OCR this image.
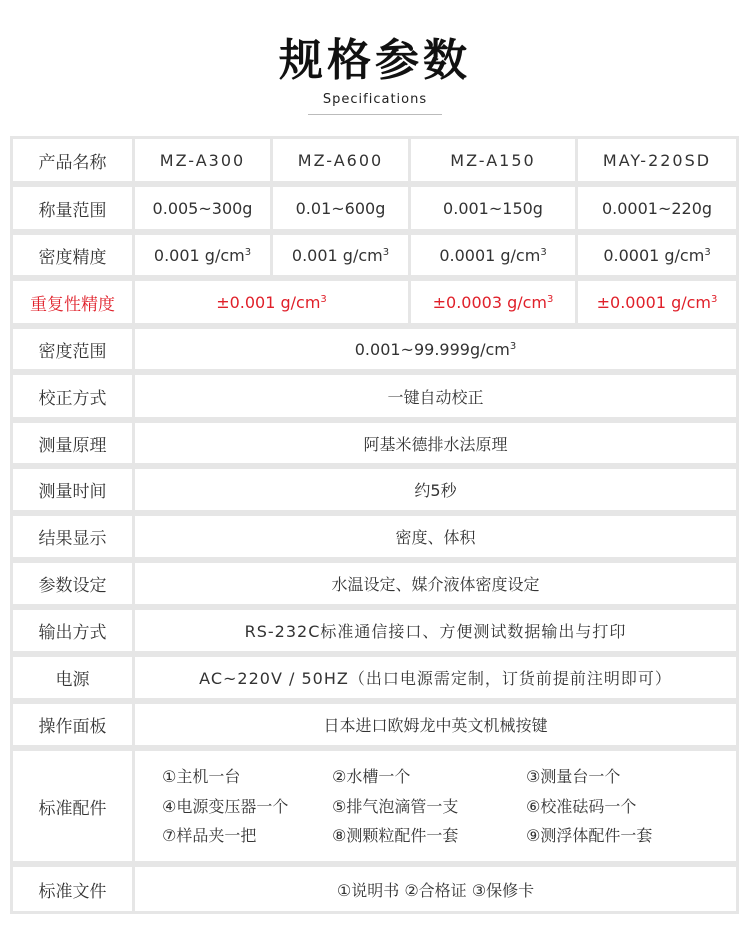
规格参数
Specifications
产品名称	MZ-A300	MZ-A600	MZ-A150	MAY-220SD
称量范围	0.005~300g	0.01~600g	0.001~150g	0.0001~220g
密度精度	0.001 $g/cm^3$	0.001 $g/cm^3$	0.0001 $g/cm^3$	0.0001 $g/cm^3$
重复性精度	±0.001 $g/cm^3$	±0.0003 $g/cm^3$	±0.0001 $g/cm^3$
密度范围	$0.001\sim 99.999g/cm^3$
校正方式	一键自动校正
测量原理	阿基米德排水法原理
测量时间	约5秒
结果显示	密度、体积
参数设定	水温设定、媒介液体密度设定
输出方式	RS-232C标准通信接口、方便测试数据输出与打印
电源	AC~220V / 50HZ（出口电源需定制，订货前提前注明即可）
操作面板	日本进口欧姆龙中英文机械按键
标准配件
①主机一台	②水槽一个	③测量台一个
④电源变压器一个	⑤排气泡滴管一支	⑥校准砝码一个
⑦样品夹一把	⑧测颗粒配件一套	⑨测浮体配件一套
标准文件	①说明书 ②合格证 ③保修卡
